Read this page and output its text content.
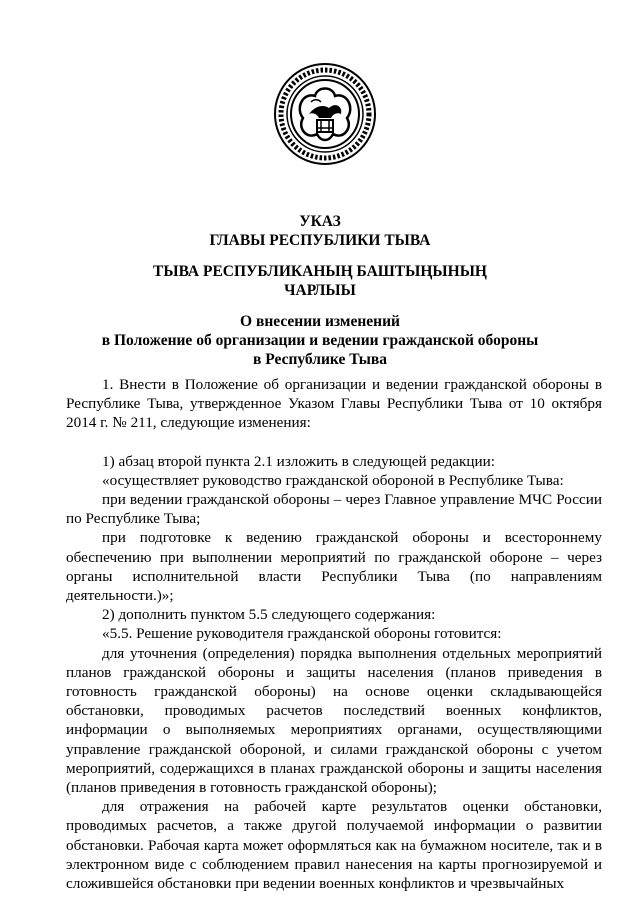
УКАЗ

ГЛАВЫ РЕСПУБЛИКИ ТЫВА

ТЫВА РЕСПУБЛИКАНЫҢ БАШТЫҢЫНЫҢ

ЧАРЛЫЫ

О внесении изменений

в Положение об организации и ведении гражданской обороны

в Республике Тыва

1. Внести в Положение об организации и ведении гражданской обороны в Республике Тыва, утвержденное Указом Главы Республики Тыва от 10 октября 2014 г. № 211, следующие изменения:

1) абзац второй пункта 2.1 изложить в следующей редакции:

«осуществляет руководство гражданской обороной в Республике Тыва:

при ведении гражданской обороны – через Главное управление МЧС России по Республике Тыва;

при подготовке к ведению гражданской обороны и всестороннему обеспечению при выполнении мероприятий по гражданской обороне – через органы исполнительной власти Республики Тыва (по направлениям деятельности.)»;

2) дополнить пунктом 5.5 следующего содержания:

«5.5. Решение руководителя гражданской обороны готовится:

для уточнения (определения) порядка выполнения отдельных мероприятий планов гражданской обороны и защиты населения (планов приведения в готовность гражданской обороны) на основе оценки складывающейся обстановки, проводимых расчетов последствий военных конфликтов, информации о выполняемых мероприятиях органами, осуществляющими управление гражданской обороной, и силами гражданской обороны с учетом мероприятий, содержащихся в планах гражданской обороны и защиты населения (планов приведения в готовность гражданской обороны);

для отражения на рабочей карте результатов оценки обстановки, проводимых расчетов, а также другой получаемой информации о развитии обстановки. Рабочая карта может оформляться как на бумажном носителе, так и в электронном виде с соблюдением правил нанесения на карты прогнозируемой и сложившейся обстановки при ведении военных конфликтов и чрезвычайных
